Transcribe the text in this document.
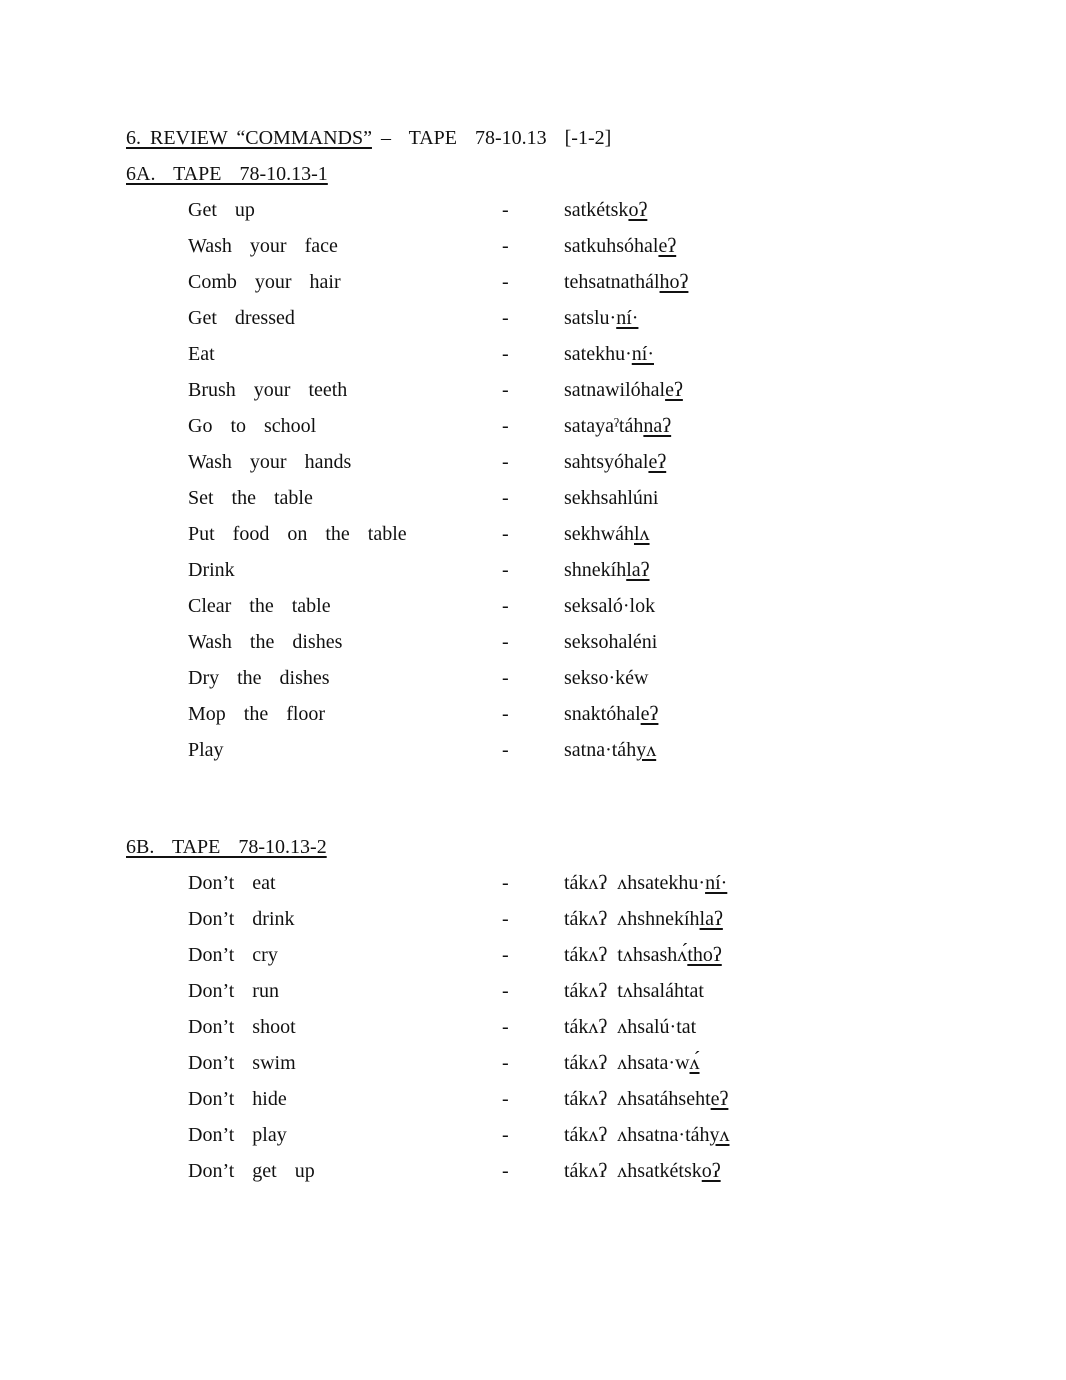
6. REVIEW “COMMANDS” –  TAPE  78-10.13  [-1-2]
6A.  TAPE  78-10.13-1
Get  up	-	satkétskoʔ
Wash  your  face	-	satkuhsóhaleʔ
Comb  your  hair	-	tehsatnathálhoʔ
Get  dressed	-	satslu·ní·
Eat	-	satekhu·ní·
Brush  your  teeth	-	satnawilóhaleʔ
Go  to  school	-	satayaˀtáhnaʔ
Wash  your  hands	-	sahtsyóhaleʔ
Set  the  table	-	sekhsahlúni
Put  food  on  the  table	-	sekhwáhlʌ
Drink	-	shnekíhlaʔ
Clear  the  table	-	seksaló·lok
Wash  the  dishes	-	seksohaléni
Dry  the  dishes	-	sekso·kéw
Mop  the  floor	-	snaktóhaleʔ
Play	-	satna·táhyʌ
6B.  TAPE  78-10.13-2
Don’t  eat	-	tákʌʔ  ʌhsatekhu·ní·
Don’t  drink	-	tákʌʔ  ʌhshnekíhlaʔ
Don’t  cry	-	tákʌʔ  tʌhsashʌ́thoʔ
Don’t  run	-	tákʌʔ  tʌhsaláhtat
Don’t  shoot	-	tákʌʔ  ʌhsalú·tat
Don’t  swim	-	tákʌʔ  ʌhsata·wʌ́
Don’t  hide	-	tákʌʔ  ʌhsatáhsehteʔ
Don’t  play	-	tákʌʔ  ʌhsatna·táhyʌ
Don’t  get  up	-	tákʌʔ  ʌhsatkétskoʔ
